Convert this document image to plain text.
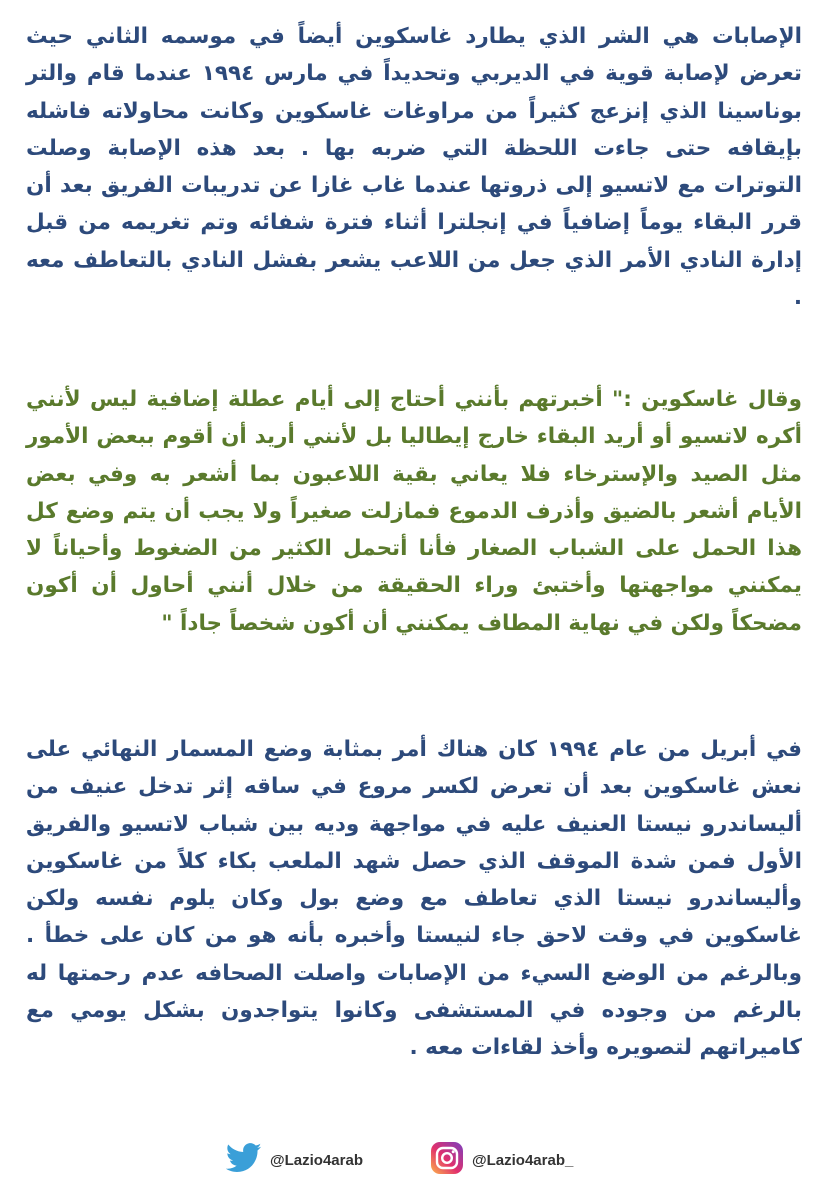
الإصابات هي الشر الذي يطارد غاسكوين أيضاً في موسمه الثاني حيث تعرض لإصابة قوية في الديربي وتحديداً في مارس ١٩٩٤ عندما قام والتر بوناسينا الذي إنزعج كثيراً من مراوغات غاسكوين وكانت محاولاته فاشله بإيقافه حتى جاءت اللحظة التي ضربه بها . بعد هذه الإصابة وصلت التوترات مع لاتسيو إلى ذروتها عندما غاب غازا عن تدريبات الفريق بعد أن قرر البقاء يوماً إضافياً في إنجلترا أثناء فترة شفائه وتم تغريمه من قبل إدارة النادي الأمر الذي جعل من اللاعب يشعر بفشل النادي بالتعاطف معه .

وقال غاسكوين :" أخبرتهم بأنني أحتاج إلى أيام عطلة إضافية ليس لأنني أكره لاتسيو أو أريد البقاء خارج إيطاليا بل لأنني أريد أن أقوم ببعض الأمور مثل الصيد والإسترخاء فلا يعاني بقية اللاعبون بما أشعر به وفي بعض الأيام أشعر بالضيق وأذرف الدموع فمازلت صغيراً ولا يجب أن يتم وضع كل هذا الحمل على الشباب الصغار فأنا أتحمل الكثير من الضغوط وأحياناً لا يمكنني مواجهتها وأختبئ وراء الحقيقة من خلال أنني أحاول أن أكون مضحكاً ولكن في نهاية المطاف يمكنني أن أكون شخصاً جاداً "

في أبريل من عام ١٩٩٤ كان هناك أمر بمثابة وضع المسمار النهائي على نعش غاسكوين بعد أن تعرض لكسر مروع في ساقه إثر تدخل عنيف من أليساندرو نيستا العنيف عليه في مواجهة وديه بين شباب لاتسيو والفريق الأول فمن شدة الموقف الذي حصل شهد الملعب بكاء كلاً من غاسكوين وأليساندرو نيستا الذي تعاطف مع وضع بول وكان يلوم نفسه ولكن غاسكوين في وقت لاحق جاء لنيستا وأخبره بأنه هو من كان على خطأ . وبالرغم من الوضع السيء من الإصابات واصلت الصحافه عدم رحمتها له بالرغم من وجوده في المستشفى وكانوا يتواجدون بشكل يومي مع كاميراتهم لتصويره وأخذ لقاءات معه .

@Lazio4arab	@Lazio4arab_
